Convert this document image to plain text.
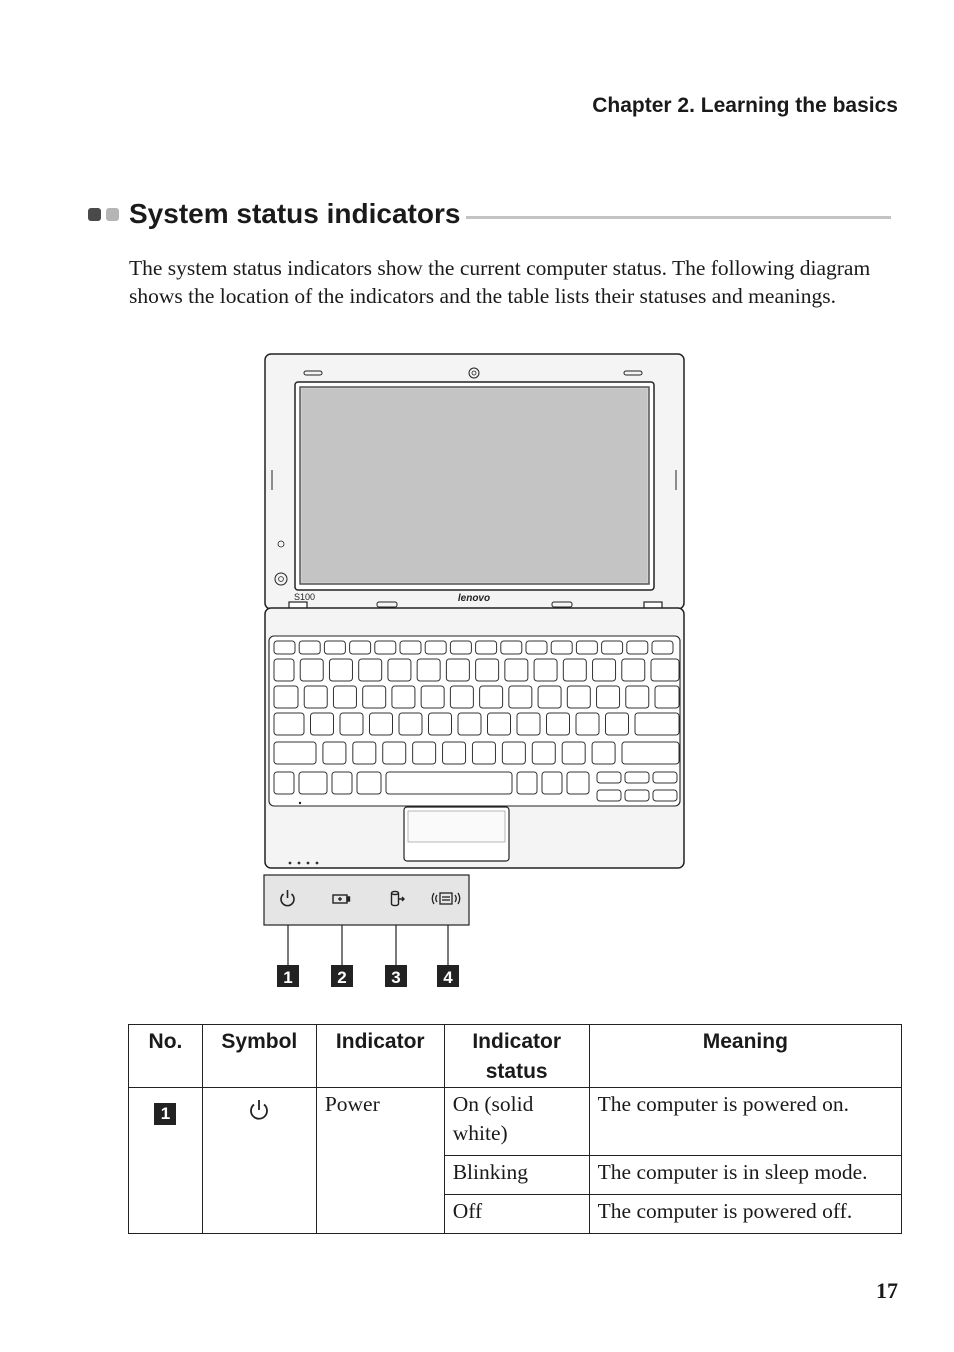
Chapter 2. Learning the basics
System status indicators

The system status indicators show the current computer status. The following diagram shows the location of the indicators and the table lists their statuses and meanings.

S100	lenovo
1	2	3	4
No.	Symbol	Indicator	Indicator status	Meaning
1		Power	On (solid white)	The computer is powered on.
			Blinking	The computer is in sleep mode.
			Off	The computer is powered off.
17
